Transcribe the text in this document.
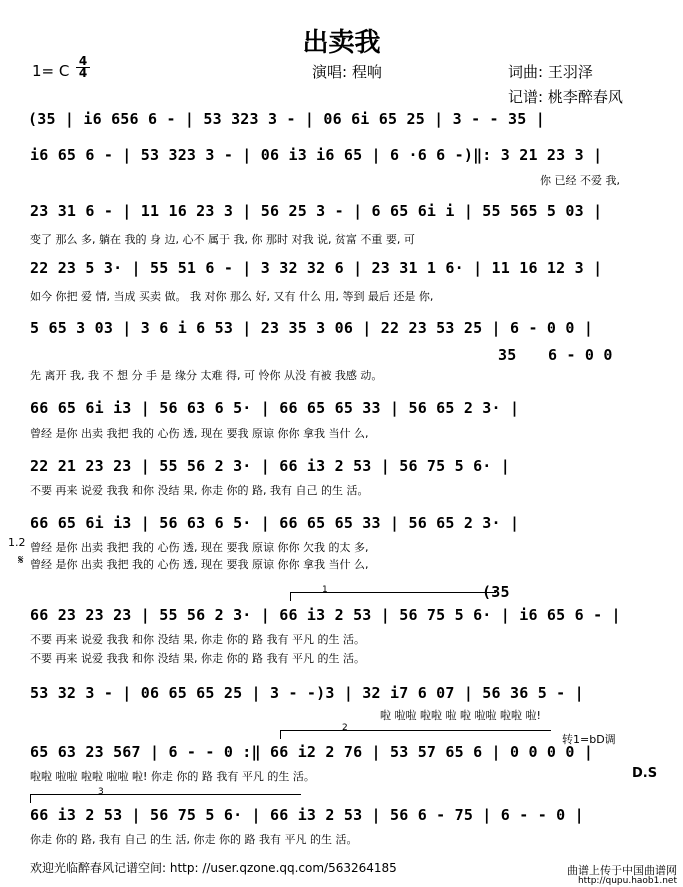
出卖我
1= C
4
4	演唱: 程响	词曲: 王羽泽
记谱: 桃李醉春风
(35 | i6 656 6 - | 53 323 3 - | 06 6i 65 25 | 3 - - 35 |
i6 65 6 - | 53 323 3 - | 06 i3 i6 65 | 6 ·6 6 -)‖: 3 21 23 3 |
你 已经 不爱 我,
23 31 6 - | 11 16 23 3 | 56 25 3 - | 6 65 6i i | 55 565 5 03 |
变了 那么 多, 躺在 我的 身 边, 心不 属于 我, 你 那时 对我 说, 贫富 不重 要, 可
22 23 5 3· | 55 51 6 - | 3 32 32 6 | 23 31 1 6· | 11 16 12 3 |
如今 你把 爱 情, 当成 买卖 做。 我 对你 那么 好, 又有 什么 用, 等到 最后 还是 你,
5 65 3 03 | 3 6 i 6 53 | 23 35 3 06 | 22 23 53 25 | 6 - 0 0 |
35 6 - 0 0
先 离开 我, 我 不 想 分 手 是 缘分 太难 得, 可 怜你 从没 有被 我感 动。
66 65 6i i3 | 56 63 6 5· | 66 65 65 33 | 56 65 2 3· |
曾经 是你 出卖 我把 我的 心伤 透, 现在 要我 原谅 你你 拿我 当什 么,
22 21 23 23 | 55 56 2 3· | 66 i3 2 53 | 56 75 5 6· |
不要 再来 说爱 我我 和你 没结 果, 你走 你的 路, 我有 自己 的生 活。
1.2
66 65 6i i3 | 56 63 6 5· | 66 65 65 33 | 56 65 2 3· |
曾经 是你 出卖 我把 我的 心伤 透, 现在 要我 原谅 你你 欠我 的太 多,
𝄋 曾经 是你 出卖 我把 我的 心伤 透, 现在 要我 原谅 你你 拿我 当什 么,
1	(35
66 23 23 23 | 55 56 2 3· | 66 i3 2 53 | 56 75 5 6· | i6 65 6 - |
不要 再来 说爱 我我 和你 没结 果, 你走 你的 路 我有 平凡 的生 活。
不要 再来 说爱 我我 和你 没结 果, 你走 你的 路 我有 平凡 的生 活。
53 32 3 - | 06 65 65 25 | 3 - -)3 | 32 i7 6 07 | 56 36 5 - |
啦 啦啦 啦啦 啦 啦 啦啦 啦啦 啦!
2
转1=bD调
65 63 23 567 | 6 - - 0 :‖ 66 i2 2 76 | 53 57 65 6 | 0 0 0 0 |
啦啦 啦啦 啦啦 啦啦 啦! 你走 你的 路 我有 平凡 的生 活。	D.S
3
66 i3 2 53 | 56 75 5 6· | 66 i3 2 53 | 56 6 - 75 | 6 - - 0 |
你走 你的 路, 我有 自己 的生 活, 你走 你的 路 我有 平凡 的生 活。
欢迎光临醉春风记谱空间: http: //user.qzone.qq.com/563264185	曲谱上传于中国曲谱网
http://qupu.haob1.net
